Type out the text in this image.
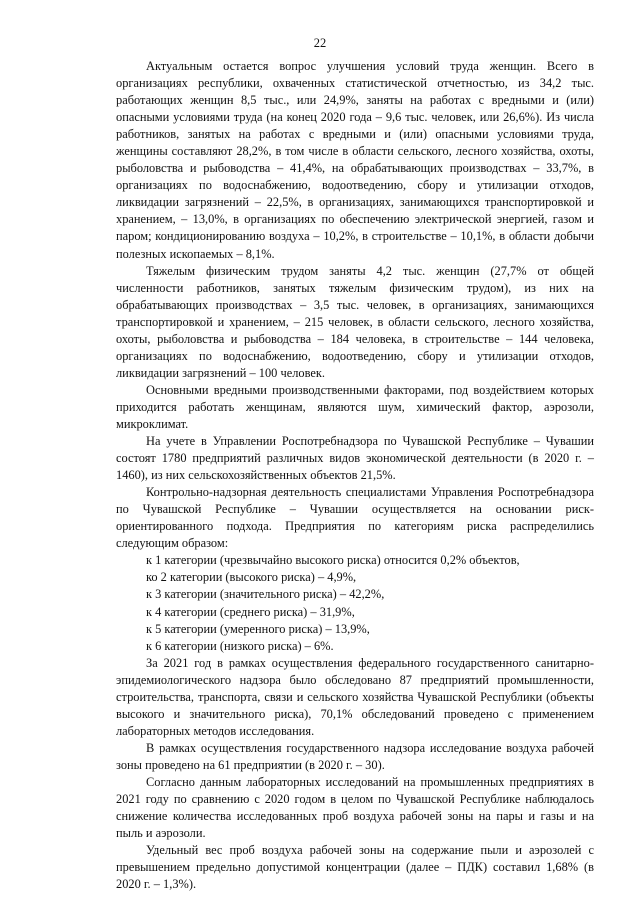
22

Актуальным остается вопрос улучшения условий труда женщин. Всего в организациях республики, охваченных статистической отчетностью, из 34,2 тыс. работающих женщин 8,5 тыс., или 24,9%, заняты на работах с вредными и (или) опасными условиями труда (на конец 2020 года – 9,6 тыс. человек, или 26,6%). Из числа работников, занятых на работах с вредными и (или) опасными условиями труда, женщины составляют 28,2%, в том числе в области сельского, лесного хозяйства, охоты, рыболовства и рыбоводства – 41,4%, на обрабатывающих производствах – 33,7%, в организациях по водоснабжению, водоотведению, сбору и утилизации отходов, ликвидации загрязнений – 22,5%, в организациях, занимающихся транспортировкой и хранением, – 13,0%, в организациях по обеспечению электрической энергией, газом и паром; кондиционированию воздуха – 10,2%, в строительстве – 10,1%, в области добычи полезных ископаемых – 8,1%.

Тяжелым физическим трудом заняты 4,2 тыс. женщин (27,7% от общей численности работников, занятых тяжелым физическим трудом), из них на обрабатывающих производствах – 3,5 тыс. человек, в организациях, занимающихся транспортировкой и хранением, – 215 человек, в области сельского, лесного хозяйства, охоты, рыболовства и рыбоводства – 184 человека, в строительстве – 144 человека, организациях по водоснабжению, водоотведению, сбору и утилизации отходов, ликвидации загрязнений – 100 человек.

Основными вредными производственными факторами, под воздействием которых приходится работать женщинам, являются шум, химический фактор, аэрозоли, микроклимат.

На учете в Управлении Роспотребнадзора по Чувашской Республике – Чувашии состоят 1780 предприятий различных видов экономической деятельности (в 2020 г. – 1460), из них сельскохозяйственных объектов 21,5%.

Контрольно-надзорная деятельность специалистами Управления Роспотребнадзора по Чувашской Республике – Чувашии осуществляется на основании риск-ориентированного подхода. Предприятия по категориям риска распределились следующим образом:

к 1 категории (чрезвычайно высокого риска) относится 0,2% объектов,
ко 2 категории (высокого риска) – 4,9%,
к 3 категории (значительного риска) – 42,2%,
к 4 категории (среднего риска) – 31,9%,
к 5 категории (умеренного риска) – 13,9%,
к 6 категории (низкого риска) – 6%.

За 2021 год в рамках осуществления федерального государственного санитарно-эпидемиологического надзора было обследовано 87 предприятий промышленности, строительства, транспорта, связи и сельского хозяйства Чувашской Республики (объекты высокого и значительного риска), 70,1% обследований проведено с применением лабораторных методов исследования.

В рамках осуществления государственного надзора исследование воздуха рабочей зоны проведено на 61 предприятии (в 2020 г. – 30).

Согласно данным лабораторных исследований на промышленных предприятиях в 2021 году по сравнению с 2020 годом в целом по Чувашской Республике наблюдалось снижение количества исследованных проб воздуха рабочей зоны на пары и газы и на пыль и аэрозоли.

Удельный вес проб воздуха рабочей зоны на содержание пыли и аэрозолей с превышением предельно допустимой концентрации (далее – ПДК) составил 1,68% (в 2020 г. – 1,3%).
